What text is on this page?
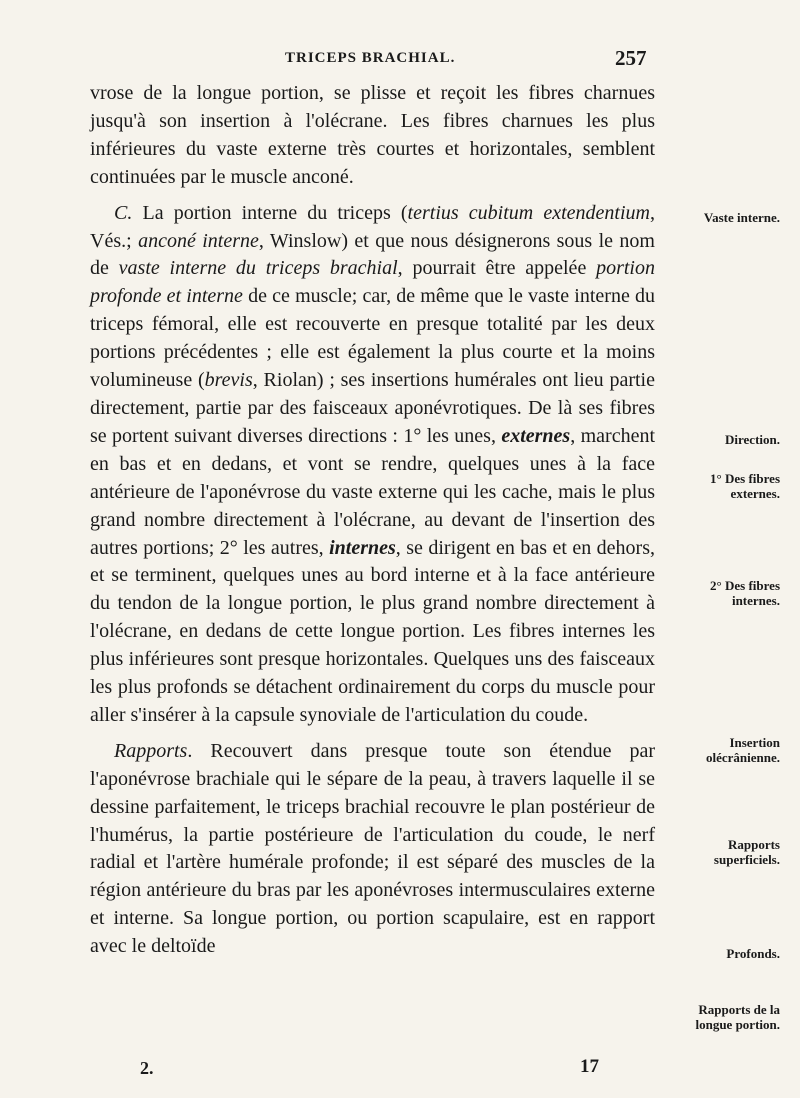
TRICEPS BRACHIAL.	257

vrose de la longue portion, se plisse et reçoit les fibres charnues jusqu'à son insertion à l'olécrane. Les fibres charnues les plus inférieures du vaste externe très courtes et horizontales, semblent continuées par le muscle anconé.

C. La portion interne du triceps (tertius cubitum extendentium, Vés.; anconé interne, Winslow) et que nous désignerons sous le nom de vaste interne du triceps brachial, pourrait être appelée portion profonde et interne de ce muscle; car, de même que le vaste interne du triceps fémoral, elle est recouverte en presque totalité par les deux portions précédentes ; elle est également la plus courte et la moins volumineuse (brevis, Riolan) ; ses insertions humérales ont lieu partie directement, partie par des faisceaux aponévrotiques. De là ses fibres se portent suivant diverses directions : 1° les unes, externes, marchent en bas et en dedans, et vont se rendre, quelques unes à la face antérieure de l'aponévrose du vaste externe qui les cache, mais le plus grand nombre directement à l'olécrane, au devant de l'insertion des autres portions; 2° les autres, internes, se dirigent en bas et en dehors, et se terminent, quelques unes au bord interne et à la face antérieure du tendon de la longue portion, le plus grand nombre directement à l'olécrane, en dedans de cette longue portion. Les fibres internes les plus inférieures sont presque horizontales. Quelques uns des faisceaux les plus profonds se détachent ordinairement du corps du muscle pour aller s'insérer à la capsule synoviale de l'articulation du coude.

Rapports. Recouvert dans presque toute son étendue par l'aponévrose brachiale qui le sépare de la peau, à travers laquelle il se dessine parfaitement, le triceps brachial recouvre le plan postérieur de l'humérus, la partie postérieure de l'articulation du coude, le nerf radial et l'artère humérale profonde; il est séparé des muscles de la région antérieure du bras par les aponévroses intermusculaires externe et interne. Sa longue portion, ou portion scapulaire, est en rapport avec le deltoïde

Vaste interne.
Direction.
1° Des fibres externes.
2° Des fibres internes.
Insertion olécrânienne.
Rapports superficiels.
Profonds.
Rapports de la longue portion.
2.	17
